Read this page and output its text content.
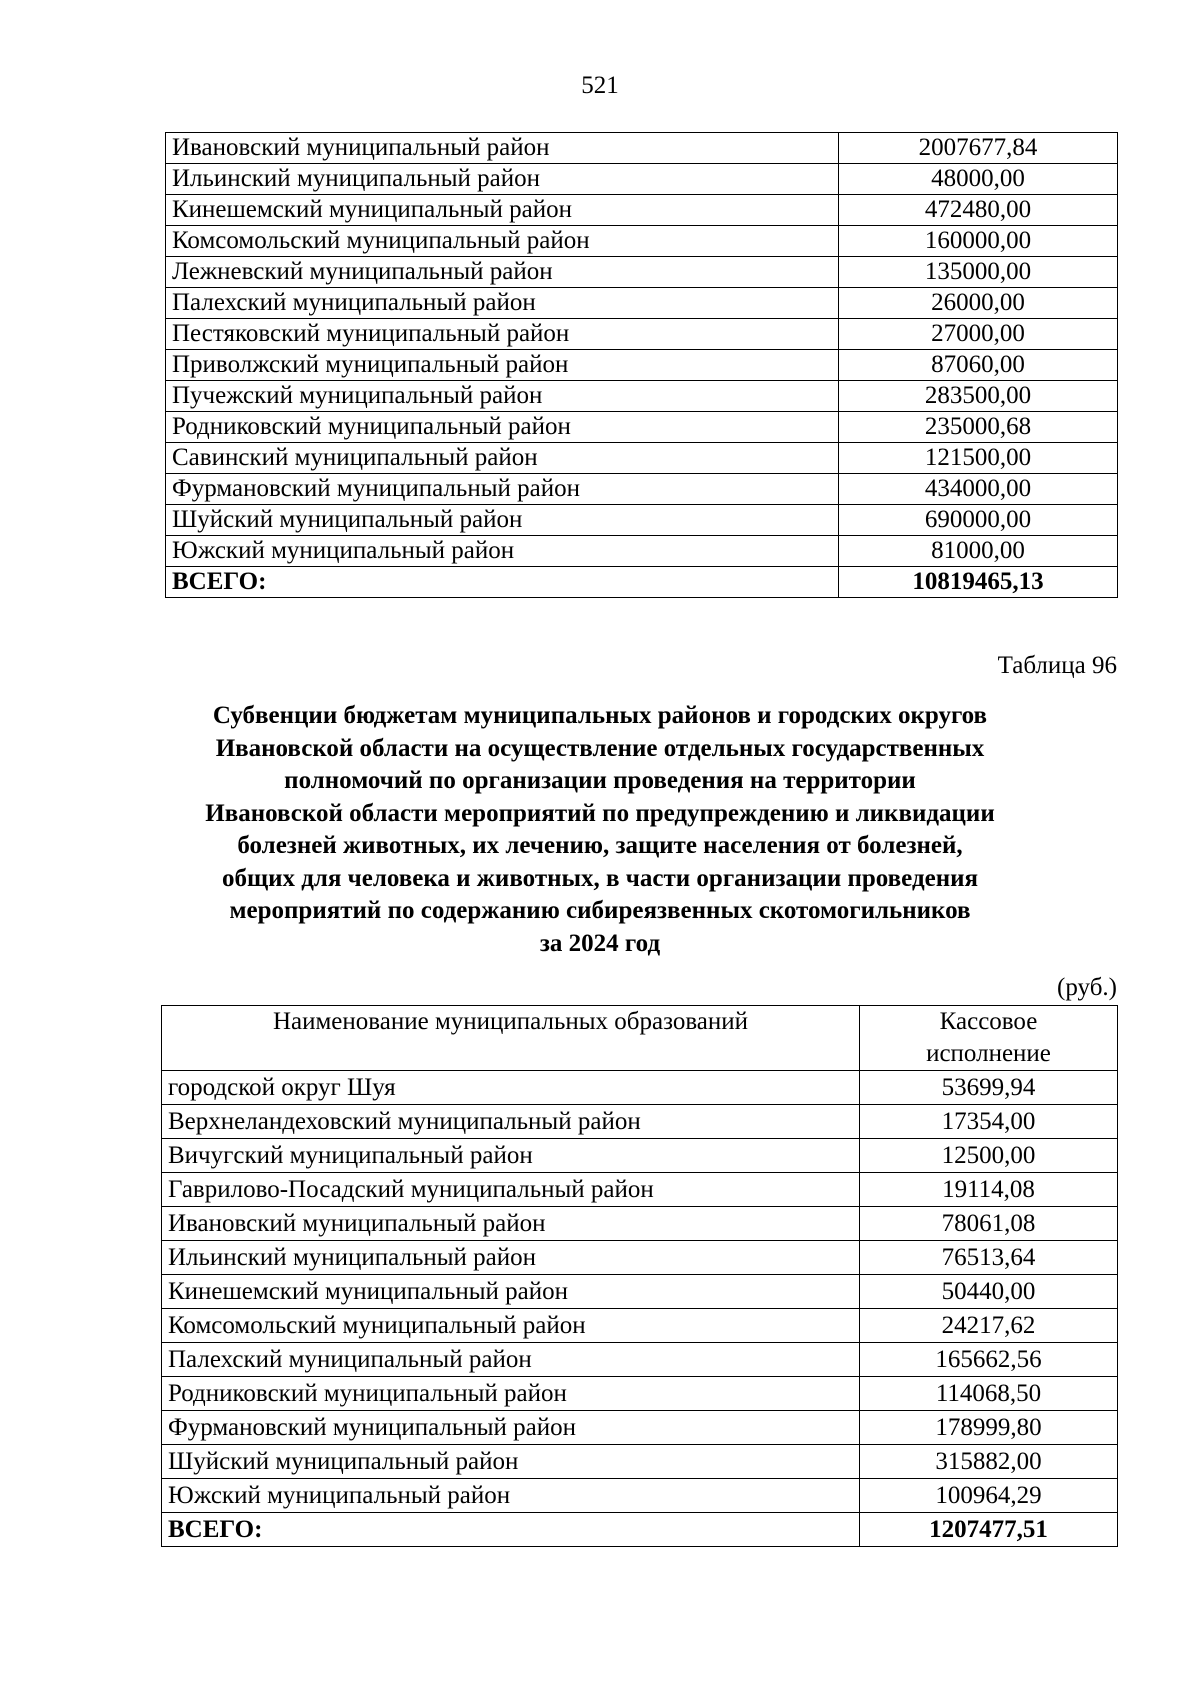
521
Ивановский муниципальный район	2007677,84
Ильинский муниципальный район	48000,00
Кинешемский муниципальный район	472480,00
Комсомольский муниципальный район	160000,00
Лежневский муниципальный район	135000,00
Палехский муниципальный район	26000,00
Пестяковский муниципальный район	27000,00
Приволжский муниципальный район	87060,00
Пучежский муниципальный район	283500,00
Родниковский муниципальный район	235000,68
Савинский муниципальный район	121500,00
Фурмановский муниципальный район	434000,00
Шуйский муниципальный район	690000,00
Южский муниципальный район	81000,00
ВСЕГО:	10819465,13
Таблица 96
Субвенции бюджетам муниципальных районов и городских округов
Ивановской области на осуществление отдельных государственных
полномочий по организации проведения на территории
Ивановской области мероприятий по предупреждению и ликвидации
болезней животных, их лечению, защите населения от болезней,
общих для человека и животных, в части организации проведения
мероприятий по содержанию сибиреязвенных скотомогильников
за 2024 год
(руб.)
Наименование муниципальных образований	Кассовое
исполнение

городской округ Шуя	53699,94
Верхнеландеховский муниципальный район	17354,00
Вичугский муниципальный район	12500,00
Гаврилово-Посадский муниципальный район	19114,08
Ивановский муниципальный район	78061,08
Ильинский муниципальный район	76513,64
Кинешемский муниципальный район	50440,00
Комсомольский муниципальный район	24217,62
Палехский муниципальный район	165662,56
Родниковский муниципальный район	114068,50
Фурмановский муниципальный район	178999,80
Шуйский муниципальный район	315882,00
Южский муниципальный район	100964,29
ВСЕГО:	1207477,51
